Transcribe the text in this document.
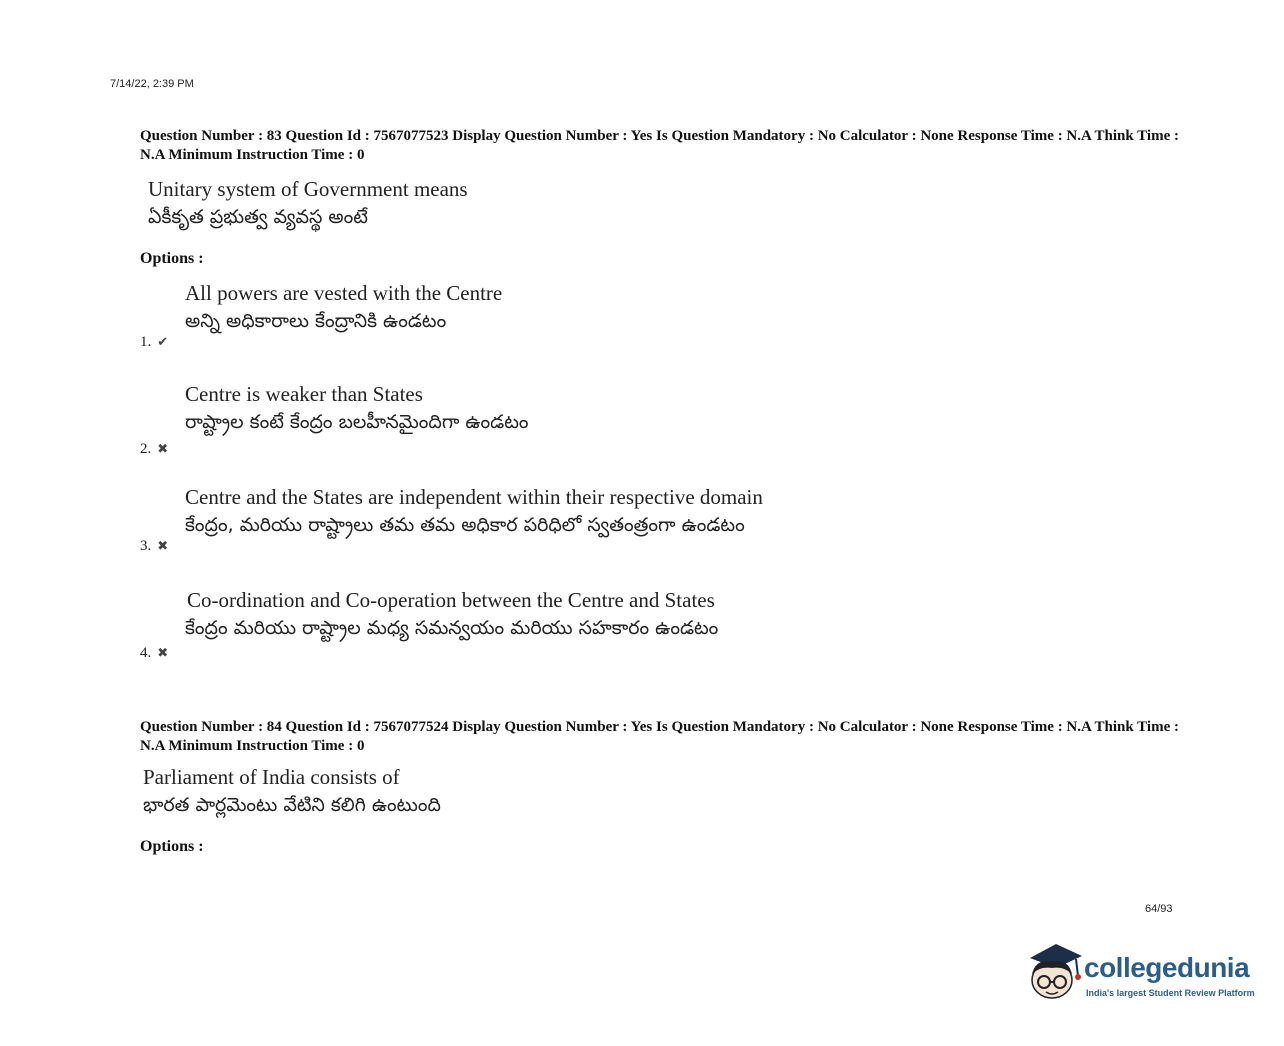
7/14/22, 2:39 PM
Question Number : 83 Question Id : 7567077523 Display Question Number : Yes Is Question Mandatory : No Calculator : None Response Time : N.A Think Time : N.A Minimum Instruction Time : 0
Unitary system of Government means
ఏకీకృత ప్రభుత్వ వ్యవస్థ అంటే
Options :
All powers are vested with the Centre
అన్ని అధికారాలు కేంద్రానికి ఉండటం
1. ✔
Centre is weaker than States
రాష్ట్రాల కంటే కేంద్రం బలహీనమైందిగా ఉండటం
2. ✖
Centre and the States are independent within their respective domain
కేంద్రం, మరియు రాష్ట్రాలు తమ తమ అధికార పరిధిలో స్వతంత్రంగా ఉండటం
3. ✖
Co-ordination and Co-operation between the Centre and States
కేంద్రం మరియు రాష్ట్రాల మధ్య సమన్వయం మరియు సహకారం ఉండటం
4. ✖
Question Number : 84 Question Id : 7567077524 Display Question Number : Yes Is Question Mandatory : No Calculator : None Response Time : N.A Think Time : N.A Minimum Instruction Time : 0
Parliament of India consists of
భారత పార్లమెంటు వేటిని కలిగి ఉంటుంది
Options :
64/93
collegedunia
India's largest Student Review Platform
